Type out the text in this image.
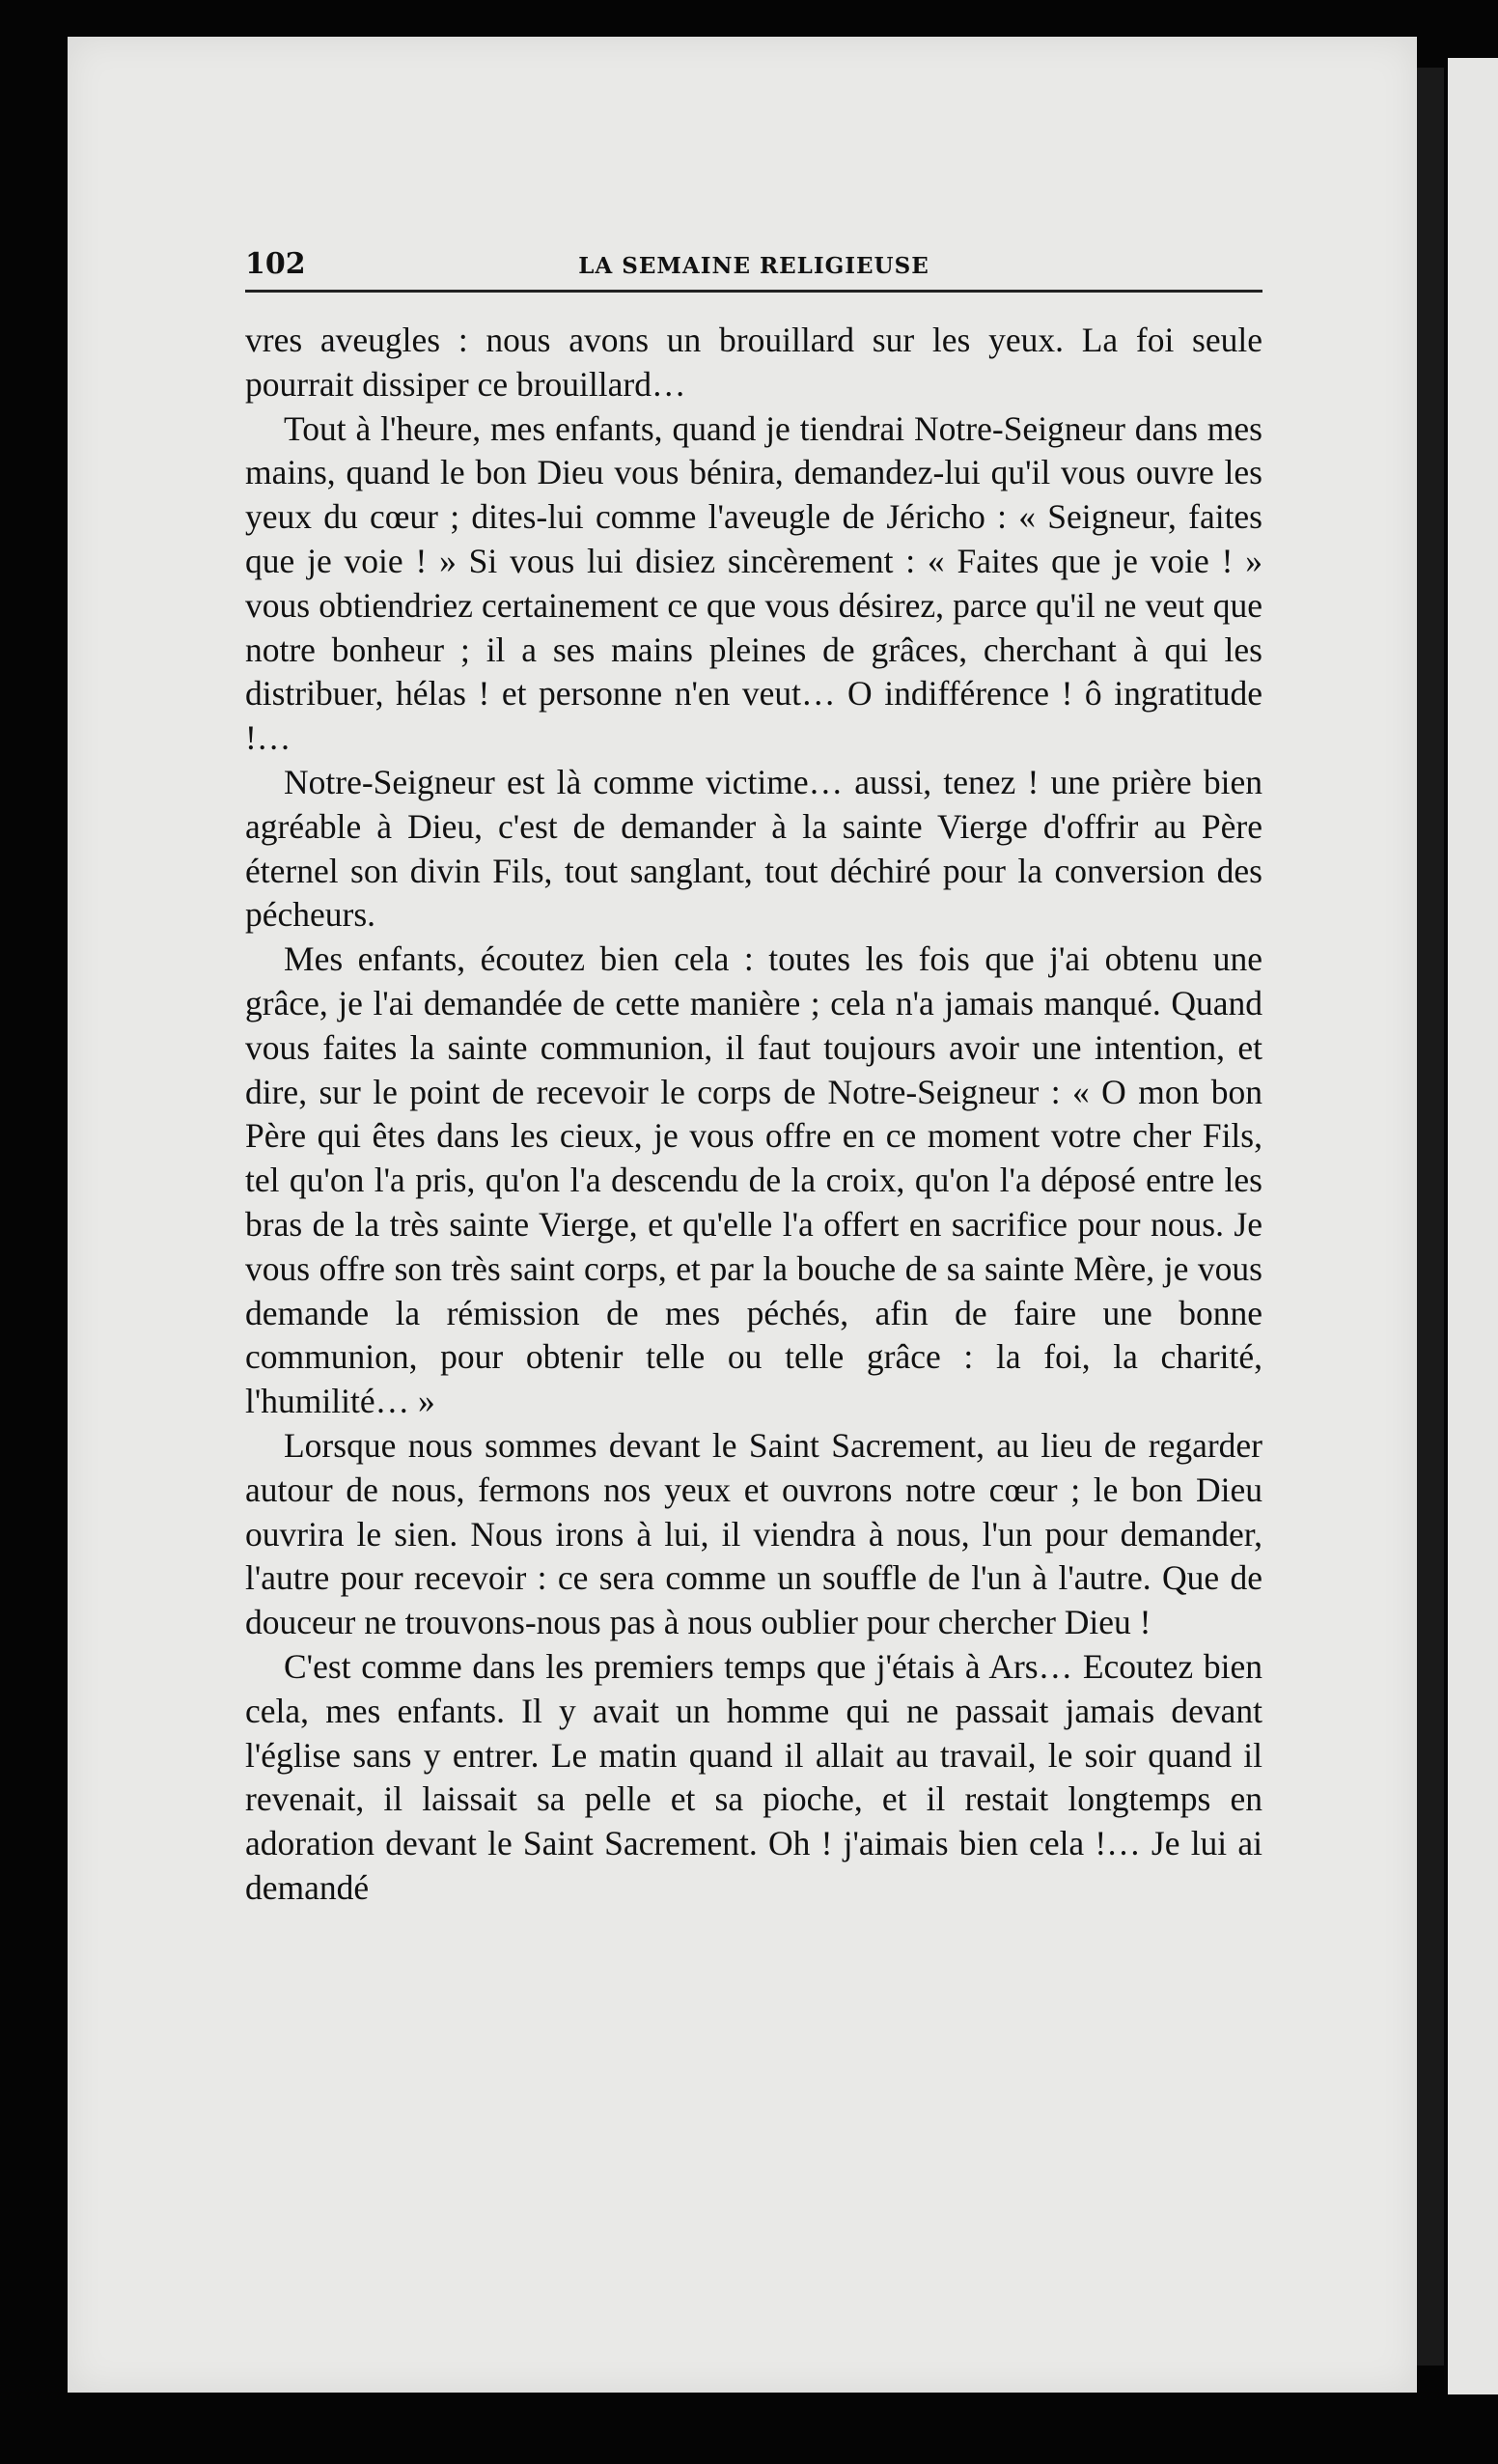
102	LA SEMAINE RELIGIEUSE

vres aveugles : nous avons un brouillard sur les yeux. La foi seule pourrait dissiper ce brouillard…

Tout à l'heure, mes enfants, quand je tiendrai Notre-Seigneur dans mes mains, quand le bon Dieu vous bénira, demandez-lui qu'il vous ouvre les yeux du cœur ; dites-lui comme l'aveugle de Jéricho : « Seigneur, faites que je voie ! » Si vous lui disiez sincèrement : « Faites que je voie ! » vous obtiendriez certainement ce que vous désirez, parce qu'il ne veut que notre bonheur ; il a ses mains pleines de grâces, cherchant à qui les distribuer, hélas ! et personne n'en veut… O indifférence ! ô ingratitude !…

Notre-Seigneur est là comme victime… aussi, tenez ! une prière bien agréable à Dieu, c'est de demander à la sainte Vierge d'offrir au Père éternel son divin Fils, tout sanglant, tout déchiré pour la conversion des pécheurs.

Mes enfants, écoutez bien cela : toutes les fois que j'ai obtenu une grâce, je l'ai demandée de cette manière ; cela n'a jamais manqué. Quand vous faites la sainte communion, il faut toujours avoir une intention, et dire, sur le point de recevoir le corps de Notre-Seigneur : « O mon bon Père qui êtes dans les cieux, je vous offre en ce moment votre cher Fils, tel qu'on l'a pris, qu'on l'a descendu de la croix, qu'on l'a déposé entre les bras de la très sainte Vierge, et qu'elle l'a offert en sacrifice pour nous. Je vous offre son très saint corps, et par la bouche de sa sainte Mère, je vous demande la rémission de mes péchés, afin de faire une bonne communion, pour obtenir telle ou telle grâce : la foi, la charité, l'humilité… »

Lorsque nous sommes devant le Saint Sacrement, au lieu de regarder autour de nous, fermons nos yeux et ouvrons notre cœur ; le bon Dieu ouvrira le sien. Nous irons à lui, il viendra à nous, l'un pour demander, l'autre pour recevoir : ce sera comme un souffle de l'un à l'autre. Que de douceur ne trouvons-nous pas à nous oublier pour chercher Dieu !

C'est comme dans les premiers temps que j'étais à Ars… Ecoutez bien cela, mes enfants. Il y avait un homme qui ne passait jamais devant l'église sans y entrer. Le matin quand il allait au travail, le soir quand il revenait, il laissait sa pelle et sa pioche, et il restait longtemps en adoration devant le Saint Sacrement. Oh ! j'aimais bien cela !… Je lui ai demandé
